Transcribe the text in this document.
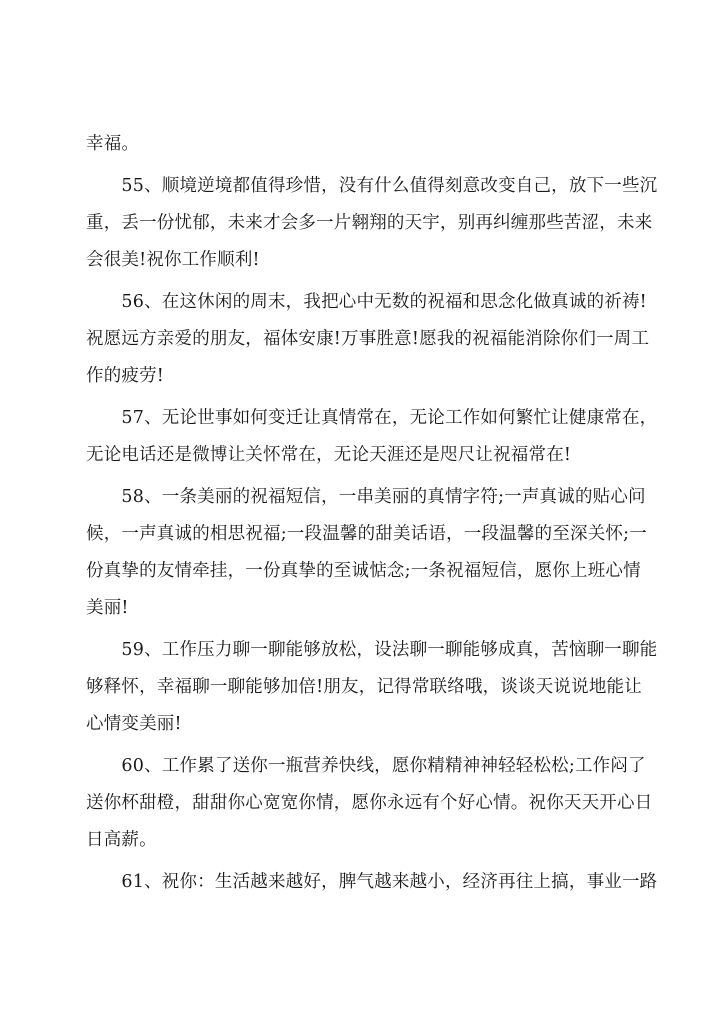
幸福。
　　55、顺境逆境都值得珍惜，没有什么值得刻意改变自己，放下一些沉
重，丢一份忧郁，未来才会多一片翱翔的天宇，别再纠缠那些苦涩，未来
会很美!祝你工作顺利!
　　56、在这休闲的周末，我把心中无数的祝福和思念化做真诚的祈祷!
祝愿远方亲爱的朋友，福体安康!万事胜意!愿我的祝福能消除你们一周工
作的疲劳!
　　57、无论世事如何变迁让真情常在，无论工作如何繁忙让健康常在，
无论电话还是微博让关怀常在，无论天涯还是咫尺让祝福常在!
　　58、一条美丽的祝福短信，一串美丽的真情字符;一声真诚的贴心问
候，一声真诚的相思祝福;一段温馨的甜美话语，一段温馨的至深关怀;一
份真挚的友情牵挂，一份真挚的至诚惦念;一条祝福短信，愿你上班心情
美丽!
　　59、工作压力聊一聊能够放松，设法聊一聊能够成真，苦恼聊一聊能
够释怀，幸福聊一聊能够加倍!朋友，记得常联络哦，谈谈天说说地能让
心情变美丽!
　　60、工作累了送你一瓶营养快线，愿你精精神神轻轻松松;工作闷了
送你杯甜橙，甜甜你心宽宽你情，愿你永远有个好心情。祝你天天开心日
日高薪。
　　61、祝你：生活越来越好，脾气越来越小，经济再往上搞，事业一路
